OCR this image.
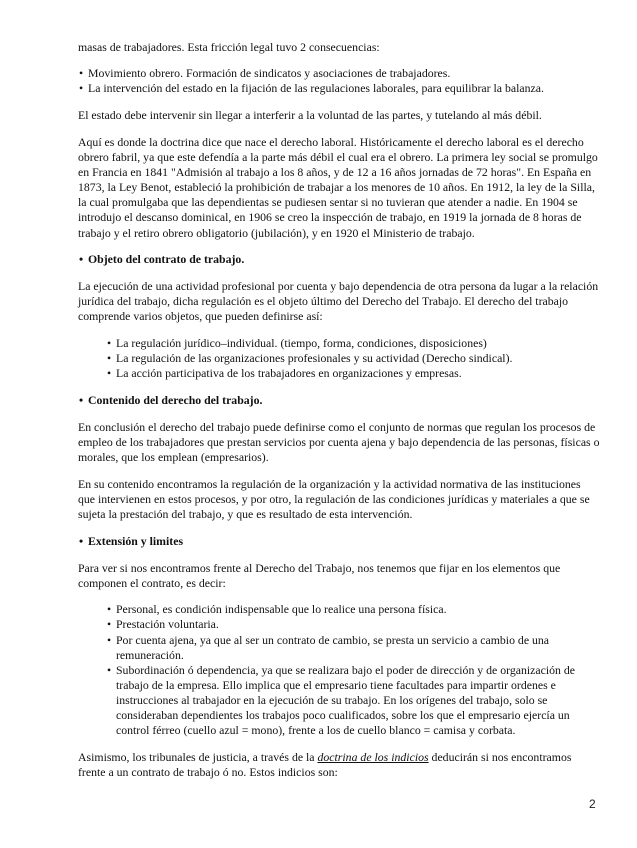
masas de trabajadores. Esta fricción legal tuvo 2 consecuencias:

• Movimiento obrero. Formación de sindicatos y asociaciones de trabajadores.
• La intervención del estado en la fijación de las regulaciones laborales, para equilibrar la balanza.

El estado debe intervenir sin llegar a interferir a la voluntad de las partes, y tutelando al más débil.

Aquí es donde la doctrina dice que nace el derecho laboral. Históricamente el derecho laboral es el derecho
obrero fabril, ya que este defendía a la parte más débil el cual era el obrero. La primera ley social se promulgo
en Francia en 1841 "Admisión al trabajo a los 8 años, y de 12 a 16 años jornadas de 72 horas". En España en
1873, la Ley Benot, estableció la prohibición de trabajar a los menores de 10 años. En 1912, la ley de la Silla,
la cual promulgaba que las dependientas se pudiesen sentar si no tuvieran que atender a nadie. En 1904 se
introdujo el descanso dominical, en 1906 se creo la inspección de trabajo, en 1919 la jornada de 8 horas de
trabajo y el retiro obrero obligatorio (jubilación), y en 1920 el Ministerio de trabajo.

• Objeto del contrato de trabajo.

La ejecución de una actividad profesional por cuenta y bajo dependencia de otra persona da lugar a la relación
jurídica del trabajo, dicha regulación es el objeto último del Derecho del Trabajo. El derecho del trabajo
comprende varios objetos, que pueden definirse así:

• La regulación jurídico–individual. (tiempo, forma, condiciones, disposiciones)
• La regulación de las organizaciones profesionales y su actividad (Derecho sindical).
• La acción participativa de los trabajadores en organizaciones y empresas.
• Contenido del derecho del trabajo.

En conclusión el derecho del trabajo puede definirse como el conjunto de normas que regulan los procesos de
empleo de los trabajadores que prestan servicios por cuenta ajena y bajo dependencia de las personas, físicas o
morales, que los emplean (empresarios).

En su contenido encontramos la regulación de la organización y la actividad normativa de las instituciones
que intervienen en estos procesos, y por otro, la regulación de las condiciones jurídicas y materiales a que se
sujeta la prestación del trabajo, y que es resultado de esta intervención.

• Extensión y limites

Para ver si nos encontramos frente al Derecho del Trabajo, nos tenemos que fijar en los elementos que
componen el contrato, es decir:

• Personal, es condición indispensable que lo realice una persona física.
• Prestación voluntaria.
• Por cuenta ajena, ya que al ser un contrato de cambio, se presta un servicio a cambio de una
remuneración.
• Subordinación ó dependencia, ya que se realizara bajo el poder de dirección y de organización de
trabajo de la empresa. Ello implica que el empresario tiene facultades para impartir ordenes e
instrucciones al trabajador en la ejecución de su trabajo. En los orígenes del trabajo, solo se
consideraban dependientes los trabajos poco cualificados, sobre los que el empresario ejercía un
control férreo (cuello azul = mono), frente a los de cuello blanco = camisa y corbata.

Asimismo, los tribunales de justicia, a través de la doctrina de los indicios deducirán si nos encontramos
frente a un contrato de trabajo ó no. Estos indicios son:

2
